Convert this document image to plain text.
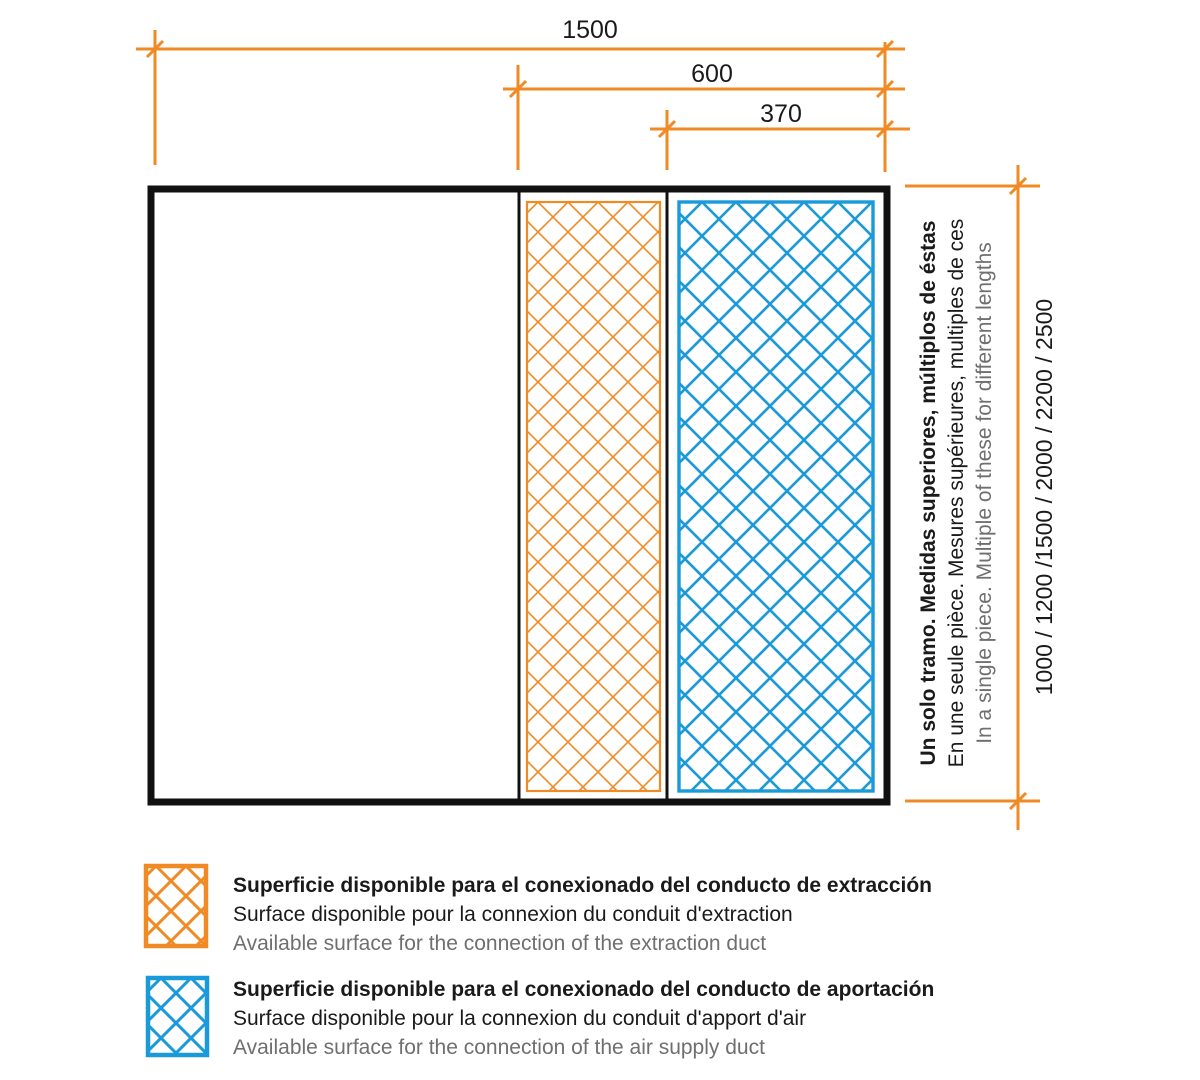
1500
600
370
1000 / 1200 /1500 / 2000 / 2200 / 2500
Un solo tramo. Medidas superiores, múltiplos de éstas En une seule pièce. Mesures supérieures, multiples de ces In a single piece. Multiple of these for different lengths
Superficie disponible para el conexionado del conducto de extracción
Surface disponible pour la connexion du conduit d'extraction
Available surface for the connection of the extraction duct
Superficie disponible para el conexionado del conducto de aportación
Surface disponible pour la connexion du conduit d'apport d'air
Available surface for the connection of the air supply duct
